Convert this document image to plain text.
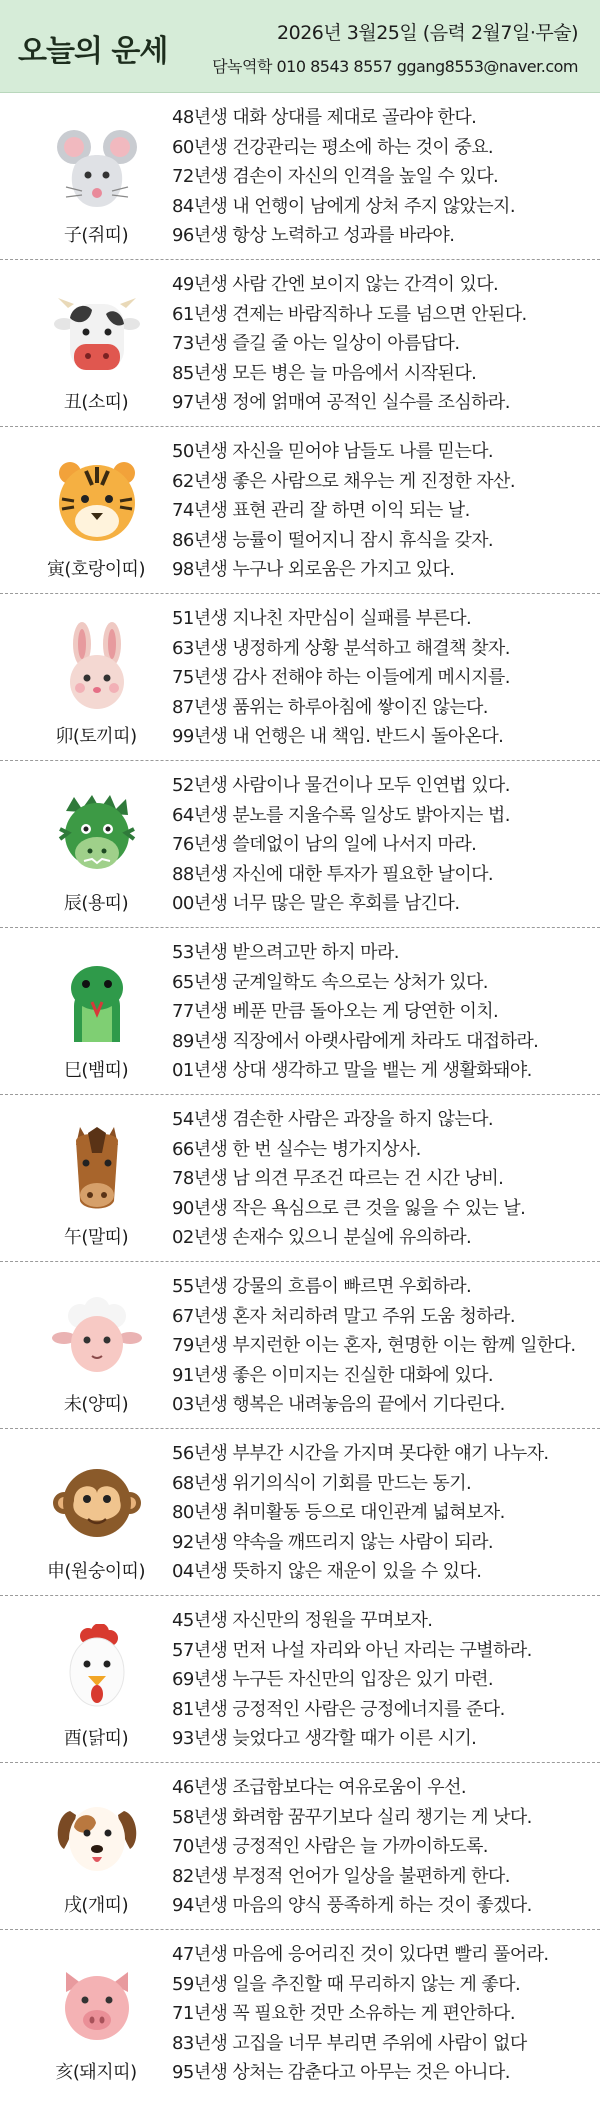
오늘의 운세
2026년 3월25일 (음력 2월7일·무술)
담녹역학 010 8543 8557 ggang8553@naver.com
子(쥐띠)
48년생 대화 상대를 제대로 골라야 한다.
60년생 건강관리는 평소에 하는 것이 중요.
72년생 겸손이 자신의 인격을 높일 수 있다.
84년생 내 언행이 남에게 상처 주지 않았는지.
96년생 항상 노력하고 성과를 바라야.
丑(소띠)
49년생 사람 간엔 보이지 않는 간격이 있다.
61년생 견제는 바람직하나 도를 넘으면 안된다.
73년생 즐길 줄 아는 일상이 아름답다.
85년생 모든 병은 늘 마음에서 시작된다.
97년생 정에 얽매여 공적인 실수를 조심하라.
寅(호랑이띠)
50년생 자신을 믿어야 남들도 나를 믿는다.
62년생 좋은 사람으로 채우는 게 진정한 자산.
74년생 표현 관리 잘 하면 이익 되는 날.
86년생 능률이 떨어지니 잠시 휴식을 갖자.
98년생 누구나 외로움은 가지고 있다.
卯(토끼띠)
51년생 지나친 자만심이 실패를 부른다.
63년생 냉정하게 상황 분석하고 해결책 찾자.
75년생 감사 전해야 하는 이들에게 메시지를.
87년생 품위는 하루아침에 쌓이진 않는다.
99년생 내 언행은 내 책임. 반드시 돌아온다.
辰(용띠)
52년생 사람이나 물건이나 모두 인연법 있다.
64년생 분노를 지울수록 일상도 밝아지는 법.
76년생 쓸데없이 남의 일에 나서지 마라.
88년생 자신에 대한 투자가 필요한 날이다.
00년생 너무 많은 말은 후회를 남긴다.
巳(뱀띠)
53년생 받으려고만 하지 마라.
65년생 군계일학도 속으로는 상처가 있다.
77년생 베푼 만큼 돌아오는 게 당연한 이치.
89년생 직장에서 아랫사람에게 차라도 대접하라.
01년생 상대 생각하고 말을 뱉는 게 생활화돼야.
午(말띠)
54년생 겸손한 사람은 과장을 하지 않는다.
66년생 한 번 실수는 병가지상사.
78년생 남 의견 무조건 따르는 건 시간 낭비.
90년생 작은 욕심으로 큰 것을 잃을 수 있는 날.
02년생 손재수 있으니 분실에 유의하라.
未(양띠)
55년생 강물의 흐름이 빠르면 우회하라.
67년생 혼자 처리하려 말고 주위 도움 청하라.
79년생 부지런한 이는 혼자, 현명한 이는 함께 일한다.
91년생 좋은 이미지는 진실한 대화에 있다.
03년생 행복은 내려놓음의 끝에서 기다린다.
申(원숭이띠)
56년생 부부간 시간을 가지며 못다한 얘기 나누자.
68년생 위기의식이 기회를 만드는 동기.
80년생 취미활동 등으로 대인관계 넓혀보자.
92년생 약속을 깨뜨리지 않는 사람이 되라.
04년생 뜻하지 않은 재운이 있을 수 있다.
酉(닭띠)
45년생 자신만의 정원을 꾸며보자.
57년생 먼저 나설 자리와 아닌 자리는 구별하라.
69년생 누구든 자신만의 입장은 있기 마련.
81년생 긍정적인 사람은 긍정에너지를 준다.
93년생 늦었다고 생각할 때가 이른 시기.
戌(개띠)
46년생 조급함보다는 여유로움이 우선.
58년생 화려함 꿈꾸기보다 실리 챙기는 게 낫다.
70년생 긍정적인 사람은 늘 가까이하도록.
82년생 부정적 언어가 일상을 불편하게 한다.
94년생 마음의 양식 풍족하게 하는 것이 좋겠다.
亥(돼지띠)
47년생 마음에 응어리진 것이 있다면 빨리 풀어라.
59년생 일을 추진할 때 무리하지 않는 게 좋다.
71년생 꼭 필요한 것만 소유하는 게 편안하다.
83년생 고집을 너무 부리면 주위에 사람이 없다
95년생 상처는 감춘다고 아무는 것은 아니다.
